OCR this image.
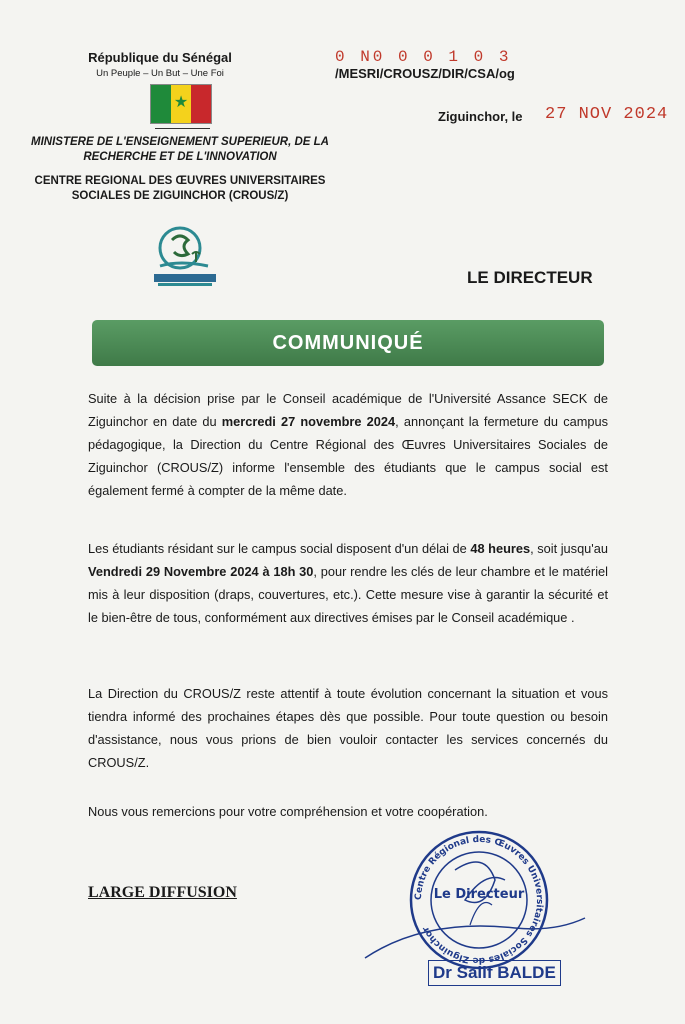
République du Sénégal
Un Peuple – Un But – Une Foi
★
MINISTERE DE L'ENSEIGNEMENT SUPERIEUR, DE LA RECHERCHE ET DE L'INNOVATION
CENTRE REGIONAL DES ŒUVRES UNIVERSITAIRES SOCIALES DE ZIGUINCHOR (CROUS/Z)
0 N0 0 0 1 0 3 /MESRI/CROUSZ/DIR/CSA/og
Ziguinchor, le 27 NOV 2024
LE DIRECTEUR
COMMUNIQUÉ
Suite à la décision prise par le Conseil académique de l'Université Assance SECK de Ziguinchor en date du mercredi 27 novembre 2024, annonçant la fermeture du campus pédagogique, la Direction du Centre Régional des Œuvres Universitaires Sociales de Ziguinchor (CROUS/Z) informe l'ensemble des étudiants que le campus social est également fermé à compter de la même date.
Les étudiants résidant sur le campus social disposent d'un délai de 48 heures, soit jusqu'au Vendredi 29 Novembre 2024 à 18h 30, pour rendre les clés de leur chambre et le matériel mis à leur disposition (draps, couvertures, etc.). Cette mesure vise à garantir la sécurité et le bien-être de tous, conformément aux directives émises par le Conseil académique .
La Direction du CROUS/Z reste attentif à toute évolution concernant la situation et vous tiendra informé des prochaines étapes dès que possible. Pour toute question ou besoin d'assistance, nous vous prions de bien vouloir contacter les services concernés du CROUS/Z.
Nous vous remercions pour votre compréhension et votre coopération.
LARGE DIFFUSION	Centre Régional des Œuvres Universitaires Sociales de Ziguinchor
Le Directeur
Dr Salif BALDE
